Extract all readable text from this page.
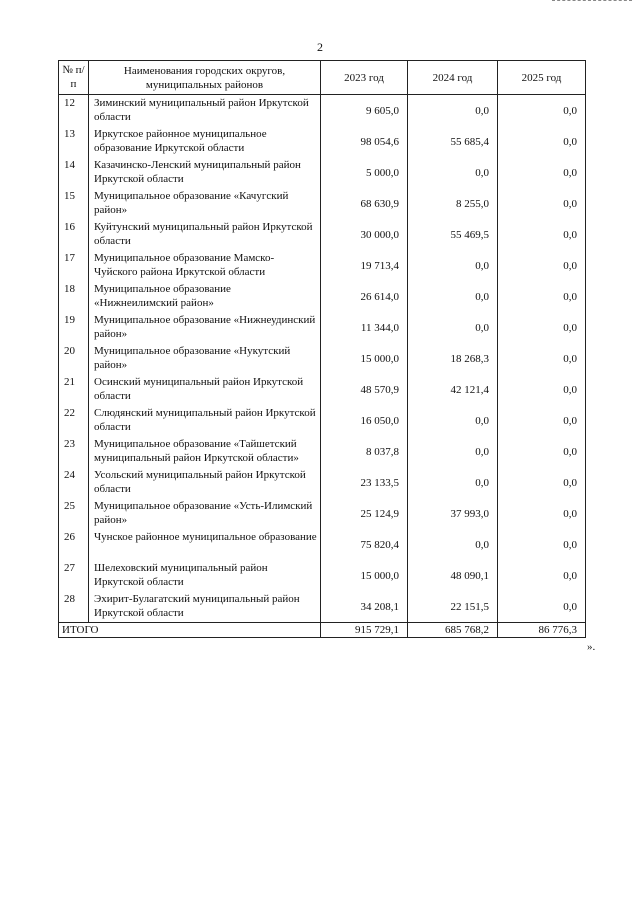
2
№ п/п	Наименования городских округов, муниципальных районов	2023 год	2024 год	2025 год
12	Зиминский муниципальный район Иркутской области	9 605,0	0,0	0,0
13	Иркутское районное муниципальное образование Иркутской области	98 054,6	55 685,4	0,0
14	Казачинско-Ленский муниципальный район Иркутской области	5 000,0	0,0	0,0
15	Муниципальное образование «Качугский район»	68 630,9	8 255,0	0,0
16	Куйтунский муниципальный район Иркутской области	30 000,0	55 469,5	0,0
17	Муниципальное образование Мамско-Чуйского района Иркутской области	19 713,4	0,0	0,0
18	Муниципальное образование «Нижнеилимский район»	26 614,0	0,0	0,0
19	Муниципальное образование «Нижнеудинский район»	11 344,0	0,0	0,0
20	Муниципальное образование «Нукутский район»	15 000,0	18 268,3	0,0
21	Осинский муниципальный район Иркутской области	48 570,9	42 121,4	0,0
22	Слюдянский муниципальный район Иркутской области	16 050,0	0,0	0,0
23	Муниципальное образование «Тайшетский муниципальный район Иркутской области»	8 037,8	0,0	0,0
24	Усольский муниципальный район Иркутской области	23 133,5	0,0	0,0
25	Муниципальное образование «Усть-Илимский район»	25 124,9	37 993,0	0,0
26	Чунское районное муниципальное образование	75 820,4	0,0	0,0
27	Шелеховский муниципальный район Иркутской области	15 000,0	48 090,1	0,0
28	Эхирит-Булагатский муниципальный район Иркутской области	34 208,1	22 151,5	0,0
ИТОГО		915 729,1	685 768,2	86 776,3
».
